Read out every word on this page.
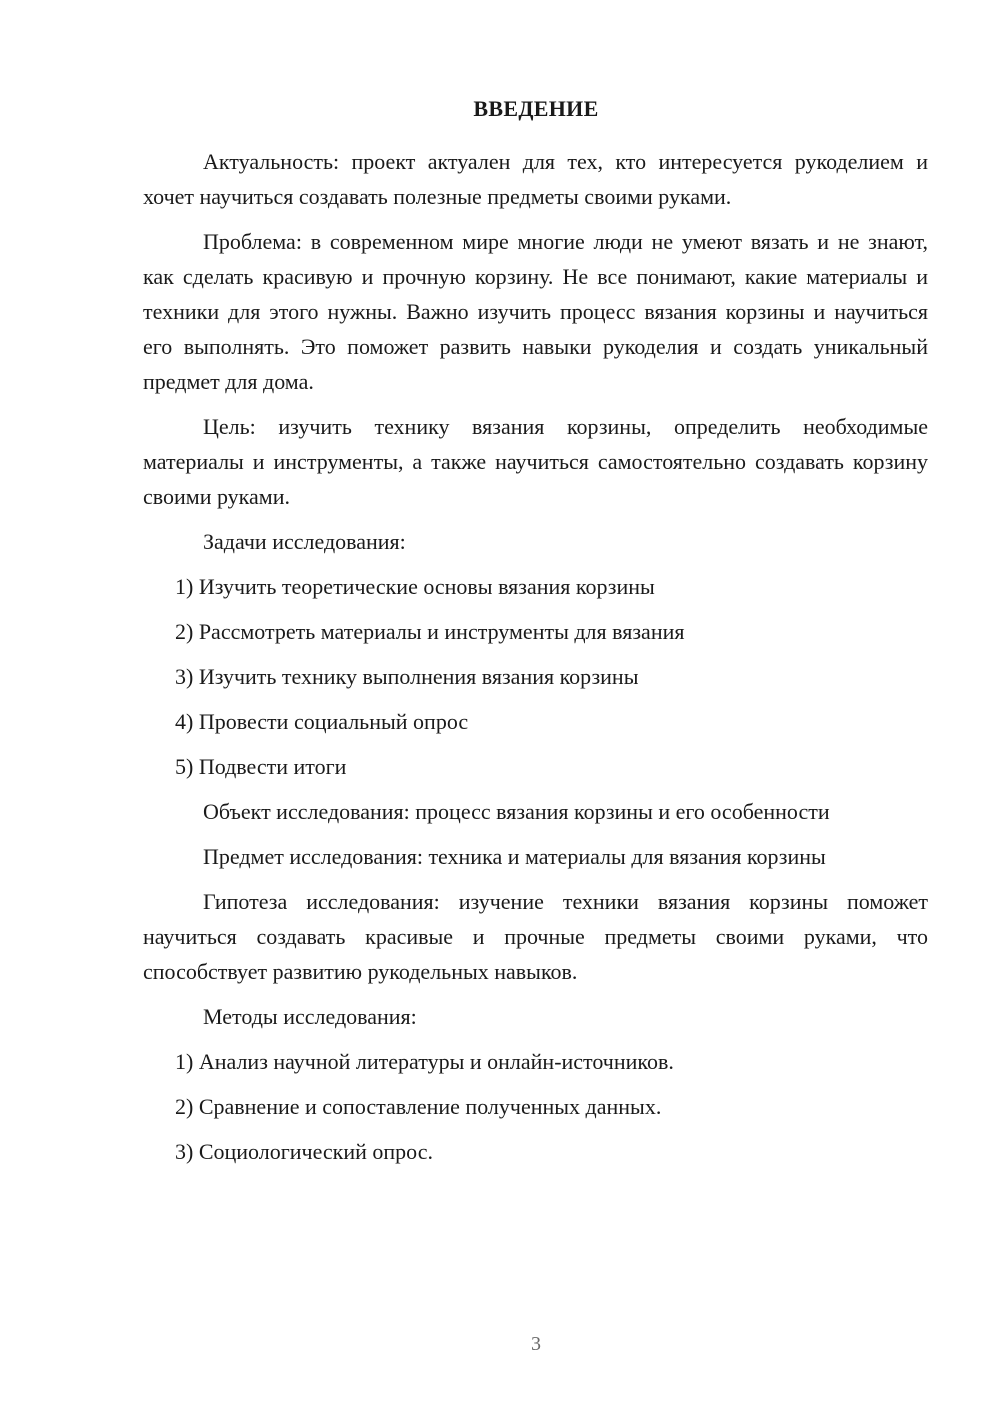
ВВЕДЕНИЕ

Актуальность: проект актуален для тех, кто интересуется рукоделием и хочет научиться создавать полезные предметы своими руками.

Проблема: в современном мире многие люди не умеют вязать и не знают, как сделать красивую и прочную корзину. Не все понимают, какие материалы и техники для этого нужны. Важно изучить процесс вязания корзины и научиться его выполнять. Это поможет развить навыки рукоделия и создать уникальный предмет для дома.

Цель: изучить технику вязания корзины, определить необходимые материалы и инструменты, а также научиться самостоятельно создавать корзину своими руками.

Задачи исследования:

1) Изучить теоретические основы вязания корзины

2) Рассмотреть материалы и инструменты для вязания

3) Изучить технику выполнения вязания корзины

4) Провести социальный опрос

5) Подвести итоги

Объект исследования: процесс вязания корзины и его особенности

Предмет исследования: техника и материалы для вязания корзины

Гипотеза исследования: изучение техники вязания корзины поможет научиться создавать красивые и прочные предметы своими руками, что способствует развитию рукодельных навыков.

Методы исследования:

1) Анализ научной литературы и онлайн-источников.

2) Сравнение и сопоставление полученных данных.

3) Социологический опрос.

3
